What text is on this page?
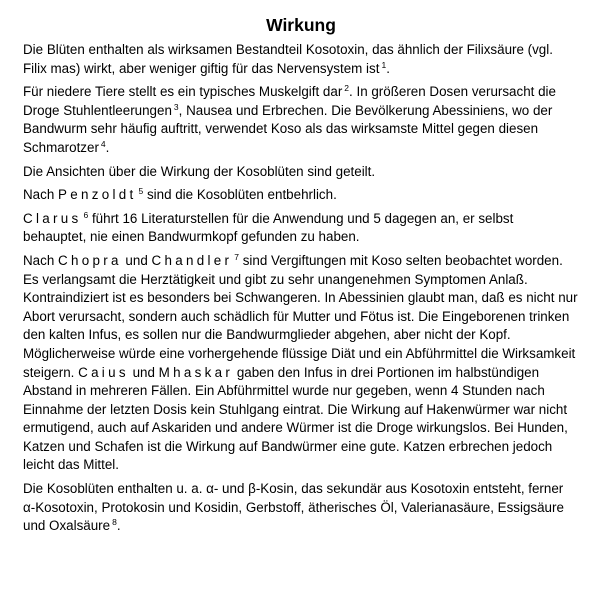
Wirkung
Die Blüten enthalten als wirksamen Bestandteil Kosotoxin, das ähnlich der Filixsäure (vgl. Filix mas) wirkt, aber weniger giftig für das Nervensystem ist $^1$.
Für niedere Tiere stellt es ein typisches Muskelgift dar $^2$. In größeren Dosen verursacht die Droge Stuhlentleerungen $^3$, Nausea und Erbrechen. Die Bevölkerung Abessiniens, wo der Bandwurm sehr häufig auftritt, verwendet Koso als das wirksamste Mittel gegen diesen Schmarotzer $^4$.
Die Ansichten über die Wirkung der Kosoblüten sind geteilt.
Nach Penzoldt $^5$ sind die Kosoblüten entbehrlich.
Clarus $^6$ führt 16 Literaturstellen für die Anwendung und 5 dagegen an, er selbst behauptet, nie einen Bandwurmkopf gefunden zu haben.
Nach Chopra und Chandler $^7$ sind Vergiftungen mit Koso selten beobachtet worden. Es verlangsamt die Herztätigkeit und gibt zu sehr unangenehmen Symptomen Anlaß. Kontraindiziert ist es besonders bei Schwangeren. In Abessinien glaubt man, daß es nicht nur Abort verursacht, sondern auch schädlich für Mutter und Fötus ist. Die Eingeborenen trinken den kalten Infus, es sollen nur die Bandwurmglieder abgehen, aber nicht der Kopf. Möglicherweise würde eine vorhergehende flüssige Diät und ein Abführmittel die Wirksamkeit steigern. Caius und Mhaskar gaben den Infus in drei Portionen im halbstündigen Abstand in mehreren Fällen. Ein Abführmittel wurde nur gegeben, wenn 4 Stunden nach Einnahme der letzten Dosis kein Stuhlgang eintrat. Die Wirkung auf Hakenwürmer war nicht ermutigend, auch auf Askariden und andere Würmer ist die Droge wirkungslos. Bei Hunden, Katzen und Schafen ist die Wirkung auf Bandwürmer eine gute. Katzen erbrechen jedoch leicht das Mittel.
Die Kosoblüten enthalten u. a. α- und β-Kosin, das sekundär aus Kosotoxin entsteht, ferner α-Kosotoxin, Protokosin und Kosidin, Gerbstoff, ätherisches Öl, Valerianasäure, Essigsäure und Oxalsäure $^8$.
